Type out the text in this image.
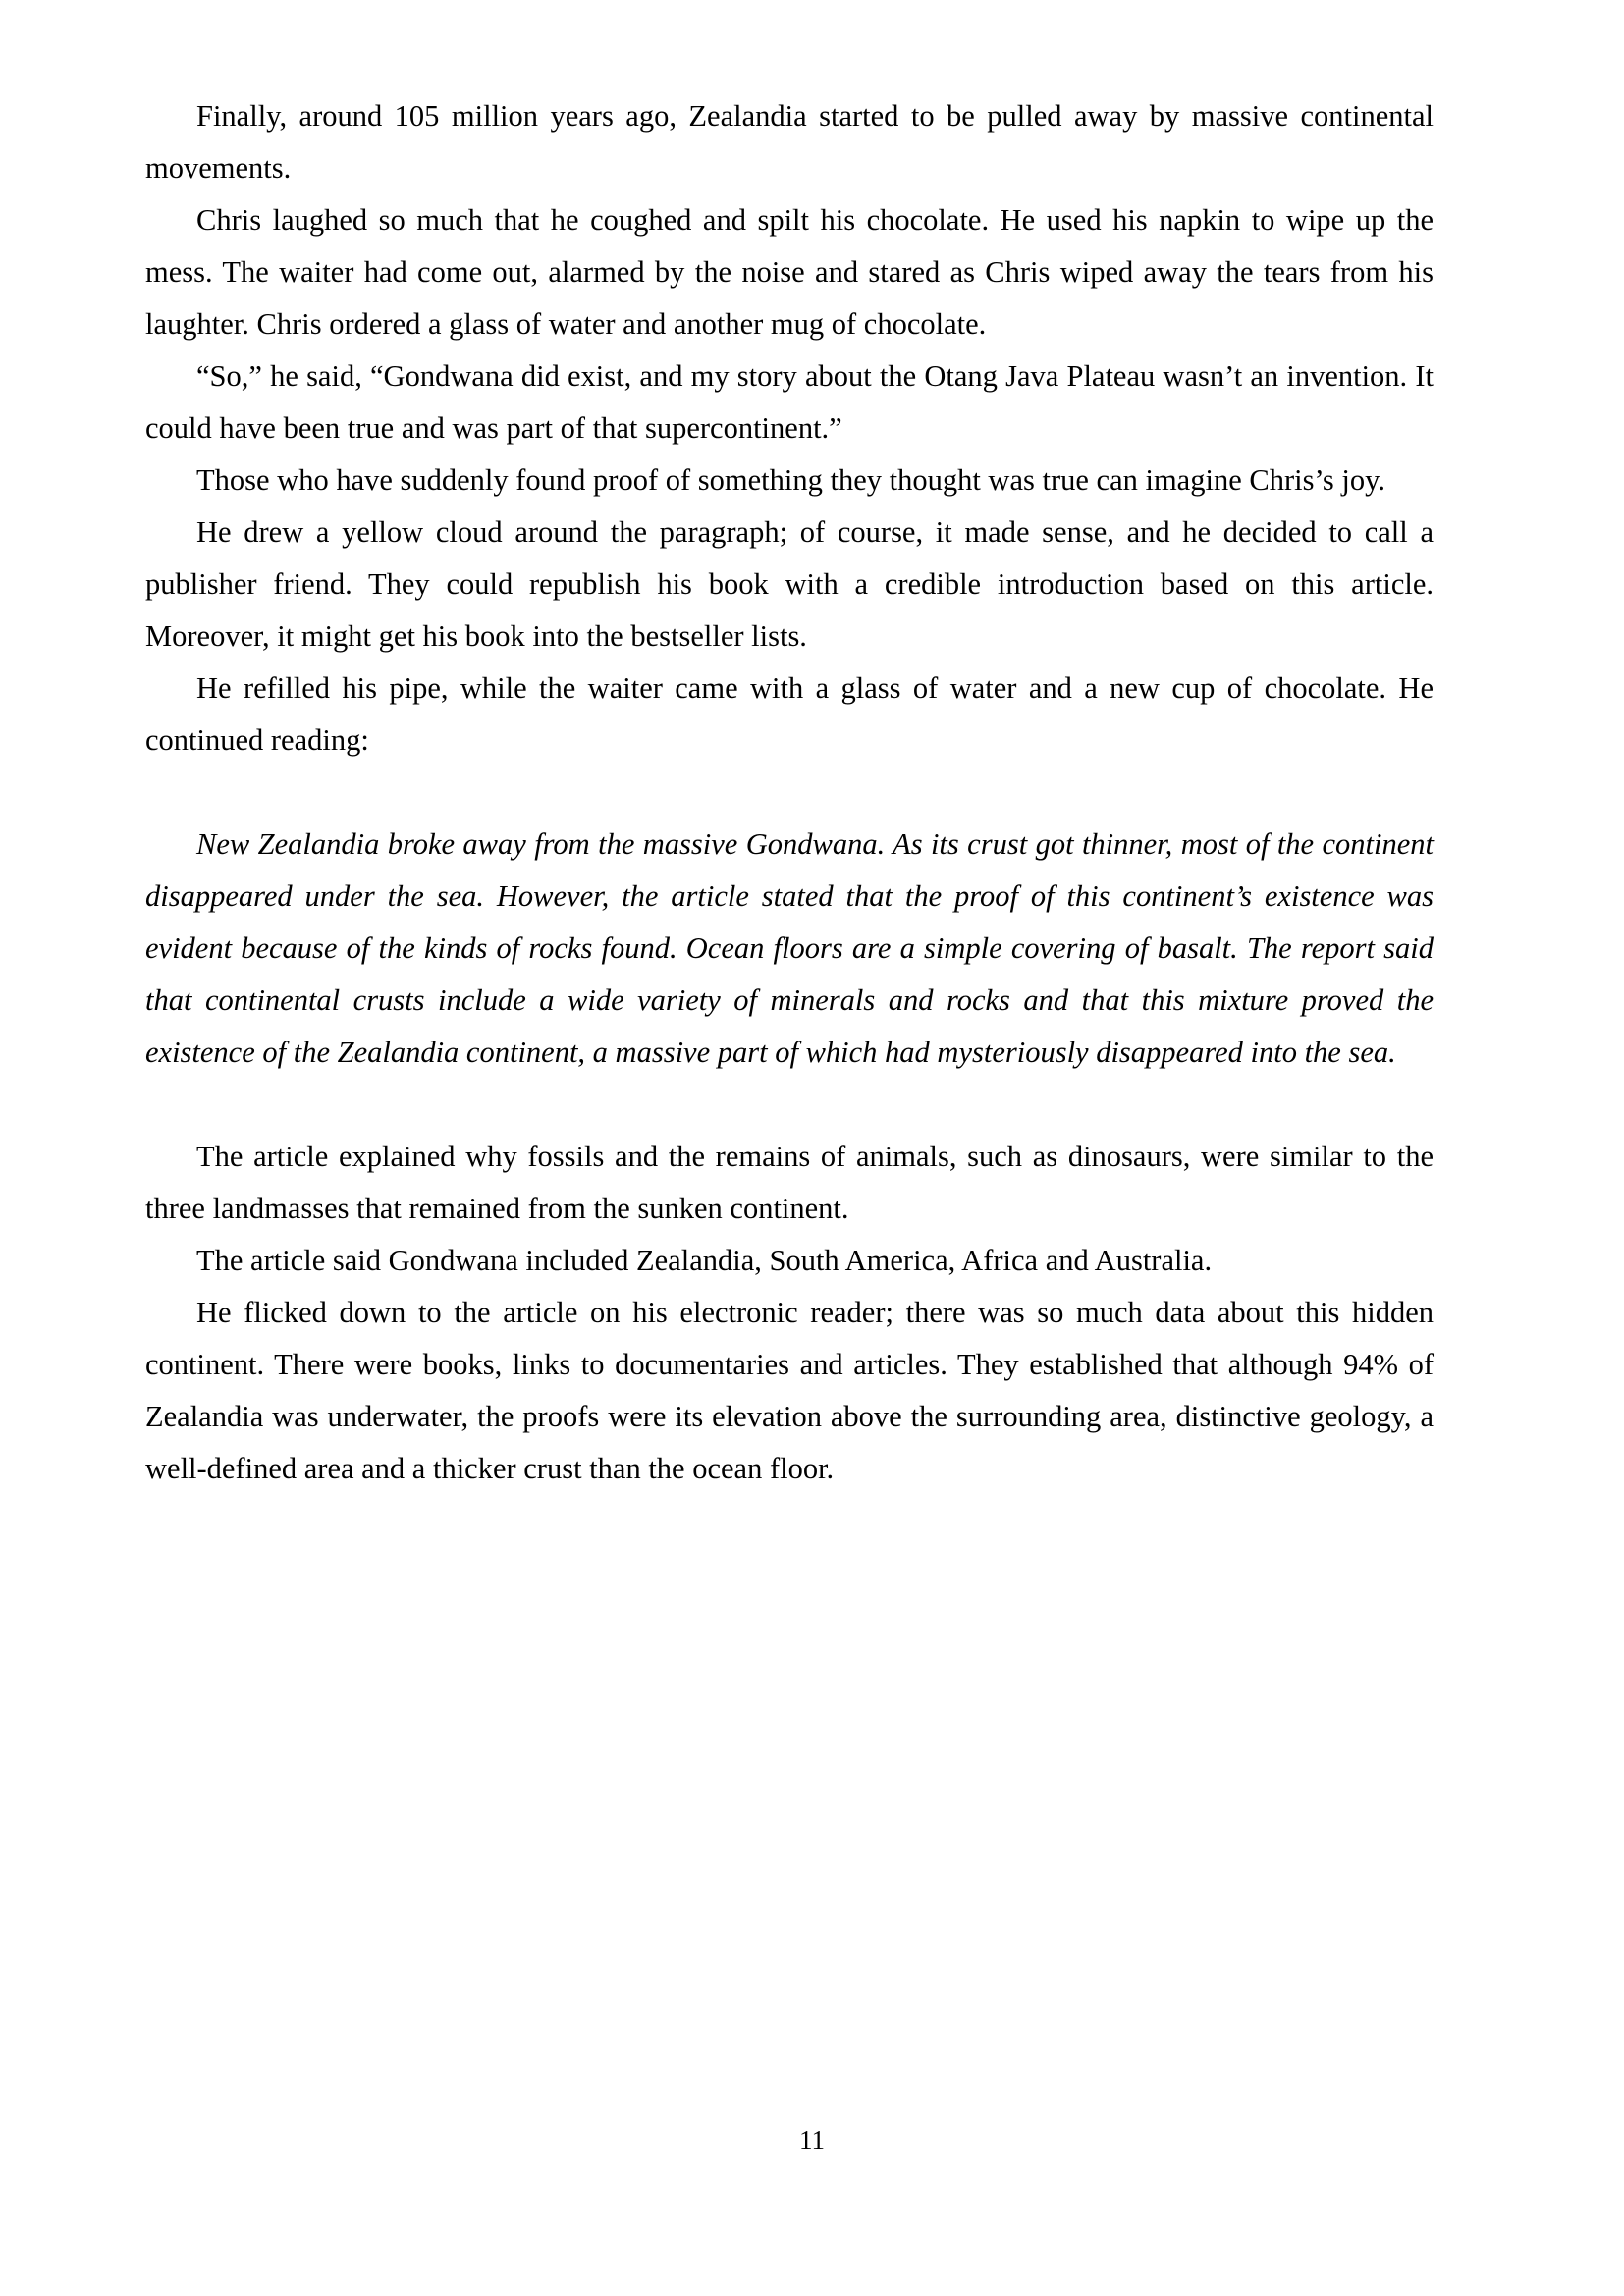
Finally, around 105 million years ago, Zealandia started to be pulled away by massive continental movements.

Chris laughed so much that he coughed and spilt his chocolate. He used his napkin to wipe up the mess. The waiter had come out, alarmed by the noise and stared as Chris wiped away the tears from his laughter. Chris ordered a glass of water and another mug of chocolate.

“So,” he said, “Gondwana did exist, and my story about the Otang Java Plateau wasn’t an invention. It could have been true and was part of that supercontinent.”

Those who have suddenly found proof of something they thought was true can imagine Chris’s joy.

He drew a yellow cloud around the paragraph; of course, it made sense, and he decided to call a publisher friend. They could republish his book with a credible introduction based on this article. Moreover, it might get his book into the bestseller lists.

He refilled his pipe, while the waiter came with a glass of water and a new cup of chocolate. He continued reading:

New Zealandia broke away from the massive Gondwana. As its crust got thinner, most of the continent disappeared under the sea. However, the article stated that the proof of this continent’s existence was evident because of the kinds of rocks found. Ocean floors are a simple covering of basalt. The report said that continental crusts include a wide variety of minerals and rocks and that this mixture proved the existence of the Zealandia continent, a massive part of which had mysteriously disappeared into the sea.

The article explained why fossils and the remains of animals, such as dinosaurs, were similar to the three landmasses that remained from the sunken continent.

The article said Gondwana included Zealandia, South America, Africa and Australia.

He flicked down to the article on his electronic reader; there was so much data about this hidden continent. There were books, links to documentaries and articles. They established that although 94% of Zealandia was underwater, the proofs were its elevation above the surrounding area, distinctive geology, a well-defined area and a thicker crust than the ocean floor.

11
